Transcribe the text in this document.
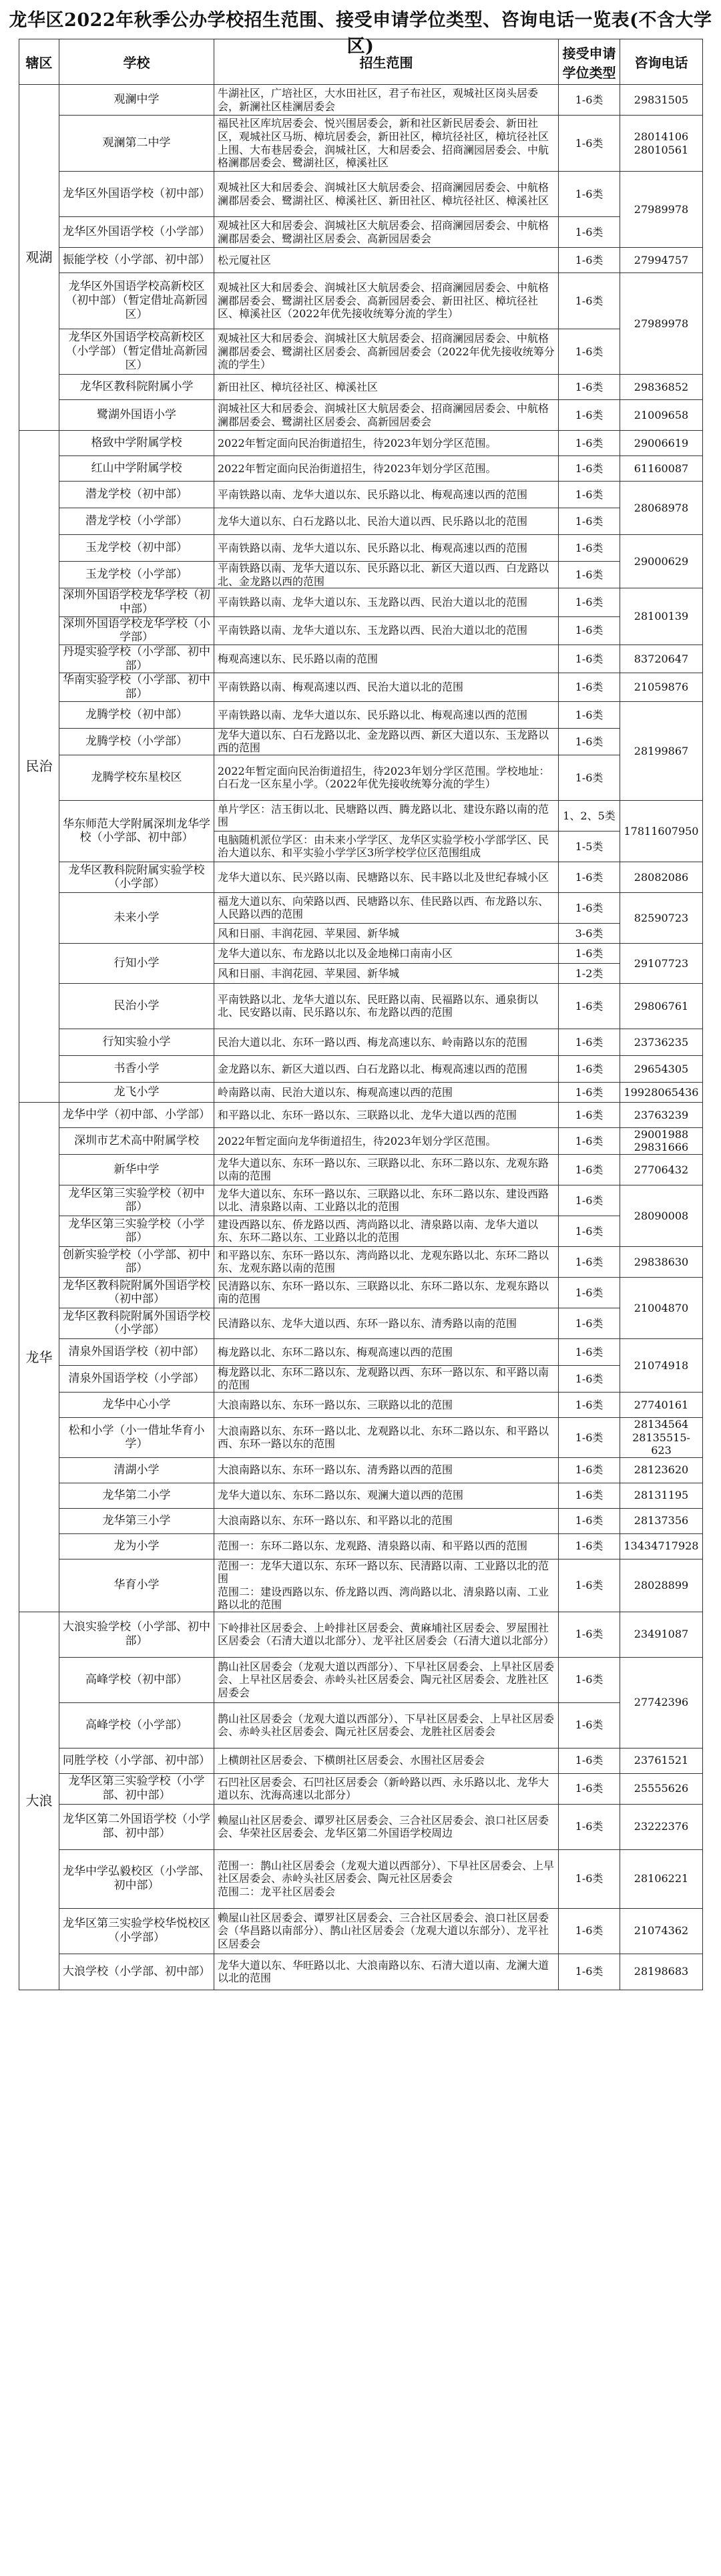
龙华区2022年秋季公办学校招生范围、接受申请学位类型、咨询电话一览表(不含大学区)
辖区	学校	招生范围	接受申请学位类型	咨询电话
观湖	观澜中学	牛湖社区，广培社区，大水田社区，君子布社区，观城社区岗头居委会，新澜社区桂澜居委会	1-6类	29831505
	观澜第二中学	福民社区库坑居委会、悦兴围居委会，新和社区新民居委会、新田社区，观城社区马坜、樟坑居委会，新田社区，樟坑径社区，樟坑径社区上围、大布巷居委会，润城社区，大和居委会、招商澜园居委会、中航格澜郡居委会、鹭湖社区，樟溪社区	1-6类	28014106 28010561
	龙华区外国语学校（初中部）	观城社区大和居委会、润城社区大航居委会、招商澜园居委会、中航格澜郡居委会、鹭湖社区、樟溪社区、新田社区、樟坑径社区、樟溪社区	1-6类	27989978
	龙华区外国语学校（小学部）	观城社区大和居委会、润城社区大航居委会、招商澜园居委会、中航格澜郡居委会、鹭湖社区居委会、高新园居委会	1-6类	
	振能学校（小学部、初中部）	松元厦社区	1-6类	27994757
	龙华区外国语学校高新校区（初中部）（暂定借址高新园区）	观城社区大和居委会、润城社区大航居委会、招商澜园居委会、中航格澜郡居委会、鹭湖社区居委会、高新园居委会、新田社区、樟坑径社区、樟溪社区（2022年优先接收统筹分流的学生）	1-6类	27989978
	龙华区外国语学校高新校区（小学部）（暂定借址高新园区）	观城社区大和居委会、润城社区大航居委会、招商澜园居委会、中航格澜郡居委会、鹭湖社区居委会、高新园居委会（2022年优先接收统筹分流的学生）	1-6类	
	龙华区教科院附属小学	新田社区、樟坑径社区、樟溪社区	1-6类	29836852
	鹭湖外国语小学	润城社区大和居委会、润城社区大航居委会、招商澜园居委会、中航格澜郡居委会、鹭湖社区居委会、高新园居委会	1-6类	21009658
民治	格致中学附属学校	2022年暂定面向民治街道招生，待2023年划分学区范围。	1-6类	29006619
	红山中学附属学校	2022年暂定面向民治街道招生，待2023年划分学区范围。	1-6类	61160087
	潜龙学校（初中部）	平南铁路以南、龙华大道以东、民乐路以北、梅观高速以西的范围	1-6类	28068978
	潜龙学校（小学部）	龙华大道以东、白石龙路以北、民治大道以西、民乐路以北的范围	1-6类	
	玉龙学校（初中部）	平南铁路以南、龙华大道以东、民乐路以北、梅观高速以西的范围	1-6类	29000629
	玉龙学校（小学部）	平南铁路以南、龙华大道以东、民乐路以北、新区大道以西、白龙路以北、金龙路以西的范围	1-6类	
	深圳外国语学校龙华学校（初中部）	平南铁路以南、龙华大道以东、玉龙路以西、民治大道以北的范围	1-6类	28100139
	深圳外国语学校龙华学校（小学部）	平南铁路以南、龙华大道以东、玉龙路以西、民治大道以北的范围	1-6类	
	丹堤实验学校（小学部、初中部）	梅观高速以东、民乐路以南的范围	1-6类	83720647
	华南实验学校（小学部、初中部）	平南铁路以南、梅观高速以西、民治大道以北的范围	1-6类	21059876
	龙腾学校（初中部）	平南铁路以南、龙华大道以东、民乐路以北、梅观高速以西的范围	1-6类	28199867
	龙腾学校（小学部）	龙华大道以东、白石龙路以北、金龙路以西、新区大道以东、玉龙路以西的范围	1-6类	
	龙腾学校东星校区	2022年暂定面向民治街道招生，待2023年划分学区范围。学校地址：白石龙一区东星小学。（2022年优先接收统筹分流的学生）	1-6类	
	华东师范大学附属深圳龙华学校（小学部、初中部）	单片学区：洁玉街以北、民塘路以西、腾龙路以北、建设东路以南的范围	1、2、5类	17811607950
		电脑随机派位学区：由未来小学学区、龙华区实验学校小学部学区、民治大道以东、和平实验小学学区3所学校学位区范围组成	1-5类	
	龙华区教科院附属实验学校（小学部）	龙华大道以东、民兴路以南、民塘路以东、民丰路以北及世纪春城小区	1-6类	28082086
	未来小学	福龙大道以东、向荣路以西、民塘路以东、佳民路以西、布龙路以东、人民路以西的范围	1-6类	82590723
		风和日丽、丰润花园、苹果园、新华城	3-6类	
	行知小学	龙华大道以东、布龙路以北以及金地梯口南南小区	1-6类	29107723
		风和日丽、丰润花园、苹果园、新华城	1-2类	
	民治小学	平南铁路以北、龙华大道以东、民旺路以南、民福路以东、通泉街以北、民安路以南、民乐路以东、布龙路以西的范围	1-6类	29806761
	行知实验小学	民治大道以北、东环一路以西、梅龙高速以东、岭南路以东的范围	1-6类	23736235
	书香小学	金龙路以东、新区大道以西、白石龙路以北、梅观高速以西的范围	1-6类	29654305
	龙飞小学	岭南路以南、民治大道以东、梅观高速以西的范围	1-6类	19928065436
龙华	龙华中学（初中部、小学部）	和平路以北、东环一路以东、三联路以北、龙华大道以西的范围	1-6类	23763239
	深圳市艺术高中附属学校	2022年暂定面向龙华街道招生，待2023年划分学区范围。	1-6类	29001988 29831666
	新华中学	龙华大道以东、东环一路以东、三联路以北、东环二路以东、龙观东路以南的范围	1-6类	27706432
	龙华区第三实验学校（初中部）	龙华大道以东、东环一路以东、三联路以北、东环二路以东、建设西路以北、清泉路以南、工业路以北的范围	1-6类	28090008
	龙华区第三实验学校（小学部）	建设西路以东、侨龙路以西、湾尚路以北、清泉路以南、龙华大道以东、东环二路以东、工业路以北的范围	1-6类	
	创新实验学校（小学部、初中部）	和平路以东、东环一路以东、湾尚路以北、龙观东路以北、东环二路以东、龙观东路以南的范围	1-6类	29838630
	龙华区教科院附属外国语学校（初中部）	民清路以东、东环一路以东、三联路以北、东环二路以东、龙观东路以南的范围	1-6类	21004870
	龙华区教科院附属外国语学校（小学部）	民清路以东、龙华大道以西、东环一路以东、清秀路以南的范围	1-6类	
	清泉外国语学校（初中部）	梅龙路以北、东环二路以东、梅观高速以西的范围	1-6类	21074918
	清泉外国语学校（小学部）	梅龙路以北、东环二路以东、龙观路以西、东环一路以东、和平路以南的范围	1-6类	
	龙华中心小学	大浪南路以东、东环一路以东、三联路以北的范围	1-6类	27740161
	松和小学（小一借址华育小学）	大浪南路以东、东环一路以北、龙观路以北、东环二路以东、和平路以西、东环一路以东的范围	1-6类	28134564 28135515-623
	清湖小学	大浪南路以东、东环一路以东、清秀路以西的范围	1-6类	28123620
	龙华第二小学	龙华大道以东、东环二路以东、观澜大道以西的范围	1-6类	28131195
	龙华第三小学	大浪南路以东、东环一路以东、和平路以北的范围	1-6类	28137356
	龙为小学	范围一：东环二路以东、龙观路、清泉路以南、和平路以西的范围	1-6类	13434717928
	华育小学	范围一：龙华大道以东、东环一路以东、民清路以南、工业路以北的范围
范围二：建设西路以东、侨龙路以西、湾尚路以北、清泉路以南、工业路以北的范围	1-6类	28028899
大浪	大浪实验学校（小学部、初中部）	下岭排社区居委会、上岭排社区居委会、黄麻埔社区居委会、罗屋围社区居委会（石清大道以北部分）、龙平社区居委会（石清大道以北部分）	1-6类	23491087
	高峰学校（初中部）	鹊山社区居委会（龙观大道以西部分）、下早社区居委会、上早社区居委会、上早社区居委会、赤岭头社区居委会、陶元社区居委会、龙胜社区居委会	1-6类	27742396
	高峰学校（小学部）	鹊山社区居委会（龙观大道以西部分）、下早社区居委会、上早社区居委会、赤岭头社区居委会、陶元社区居委会、龙胜社区居委会	1-6类	
	同胜学校（小学部、初中部）	上横朗社区居委会、下横朗社区居委会、水围社区居委会	1-6类	23761521
	龙华区第三实验学校（小学部、初中部）	石凹社区居委会、石凹社区居委会（新岭路以西、永乐路以北、龙华大道以东、沈海高速以北部分）	1-6类	25555626
	龙华区第二外国语学校（小学部、初中部）	赖屋山社区居委会、谭罗社区居委会、三合社区居委会、浪口社区居委会、华荣社区居委会、龙华区第二外国语学校周边	1-6类	23222376
	龙华中学弘毅校区（小学部、初中部）	范围一：鹊山社区居委会（龙观大道以西部分）、下早社区居委会、上早社区居委会、赤岭头社区居委会、陶元社区居委会
范围二：龙平社区居委会	1-6类	28106221
	龙华区第三实验学校华悦校区（小学部）	赖屋山社区居委会、谭罗社区居委会、三合社区居委会、浪口社区居委会（华昌路以南部分）、鹊山社区居委会（龙观大道以东部分）、龙平社区居委会	1-6类	21074362
	大浪学校（小学部、初中部）	龙华大道以东、华旺路以北、大浪南路以东、石清大道以南、龙澜大道以北的范围	1-6类	28198683
